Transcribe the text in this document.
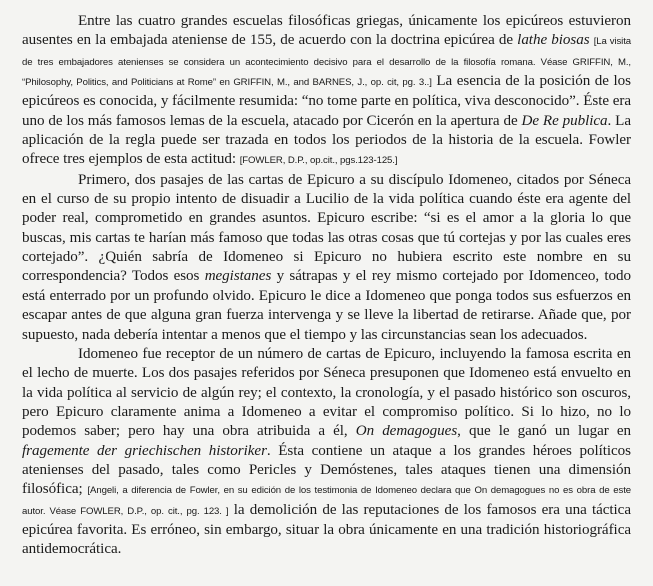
Entre las cuatro grandes escuelas filosóficas griegas, únicamente los epicúreos estuvieron ausentes en la embajada ateniense de 155, de acuerdo con la doctrina epicúrea de lathe biosas [La visita de tres embajadores atenienses se considera un acontecimiento decisivo para el desarrollo de la filosofía romana. Véase GRIFFIN, M., “Philosophy, Politics, and Politicians at Rome” en GRIFFIN, M., and BARNES, J., op. cit, pg. 3..] La esencia de la posición de los epicúreos es conocida, y fácilmente resumida: “no tome parte en política, viva desconocido”. Éste era uno de los más famosos lemas de la escuela, atacado por Cicerón en la apertura de De Re publica. La aplicación de la regla puede ser trazada en todos los periodos de la historia de la escuela. Fowler ofrece tres ejemplos de esta actitud: [FOWLER, D.P., op.cit., pgs.123-125.]

Primero, dos pasajes de las cartas de Epicuro a su discípulo Idomeneo, citados por Séneca en el curso de su propio intento de disuadir a Lucilio de la vida política cuando éste era agente del poder real, comprometido en grandes asuntos. Epicuro escribe: “si es el amor a la gloria lo que buscas, mis cartas te harían más famoso que todas las otras cosas que tú cortejas y por las cuales eres cortejado”. ¿Quién sabría de Idomeneo si Epicuro no hubiera escrito este nombre en su correspondencia? Todos esos megistanes y sátrapas y el rey mismo cortejado por Idomenceo, todo está enterrado por un profundo olvido. Epicuro le dice a Idomeneo que ponga todos sus esfuerzos en escapar antes de que alguna gran fuerza intervenga y se lleve la libertad de retirarse. Añade que, por supuesto, nada debería intentar a menos que el tiempo y las circunstancias sean los adecuados.

Idomeneo fue receptor de un número de cartas de Epicuro, incluyendo la famosa escrita en el lecho de muerte. Los dos pasajes referidos por Séneca presuponen que Idomeneo está envuelto en la vida política al servicio de algún rey; el contexto, la cronología, y el pasado histórico son oscuros, pero Epicuro claramente anima a Idomeneo a evitar el compromiso político. Si lo hizo, no lo podemos saber; pero hay una obra atribuida a él, On demagogues, que le ganó un lugar en fragemente der griechischen historiker. Ésta contiene un ataque a los grandes héroes políticos atenienses del pasado, tales como Pericles y Demóstenes, tales ataques tienen una dimensión filosófica; [Angeli, a diferencia de Fowler, en su edición de los testimonia de Idomeneo declara que On demagogues no es obra de este autor. Véase FOWLER, D.P., op. cit., pg. 123. ] la demolición de las reputaciones de los famosos era una táctica epicúrea favorita. Es erróneo, sin embargo, situar la obra únicamente en una tradición historiográfica antidemocrática.
